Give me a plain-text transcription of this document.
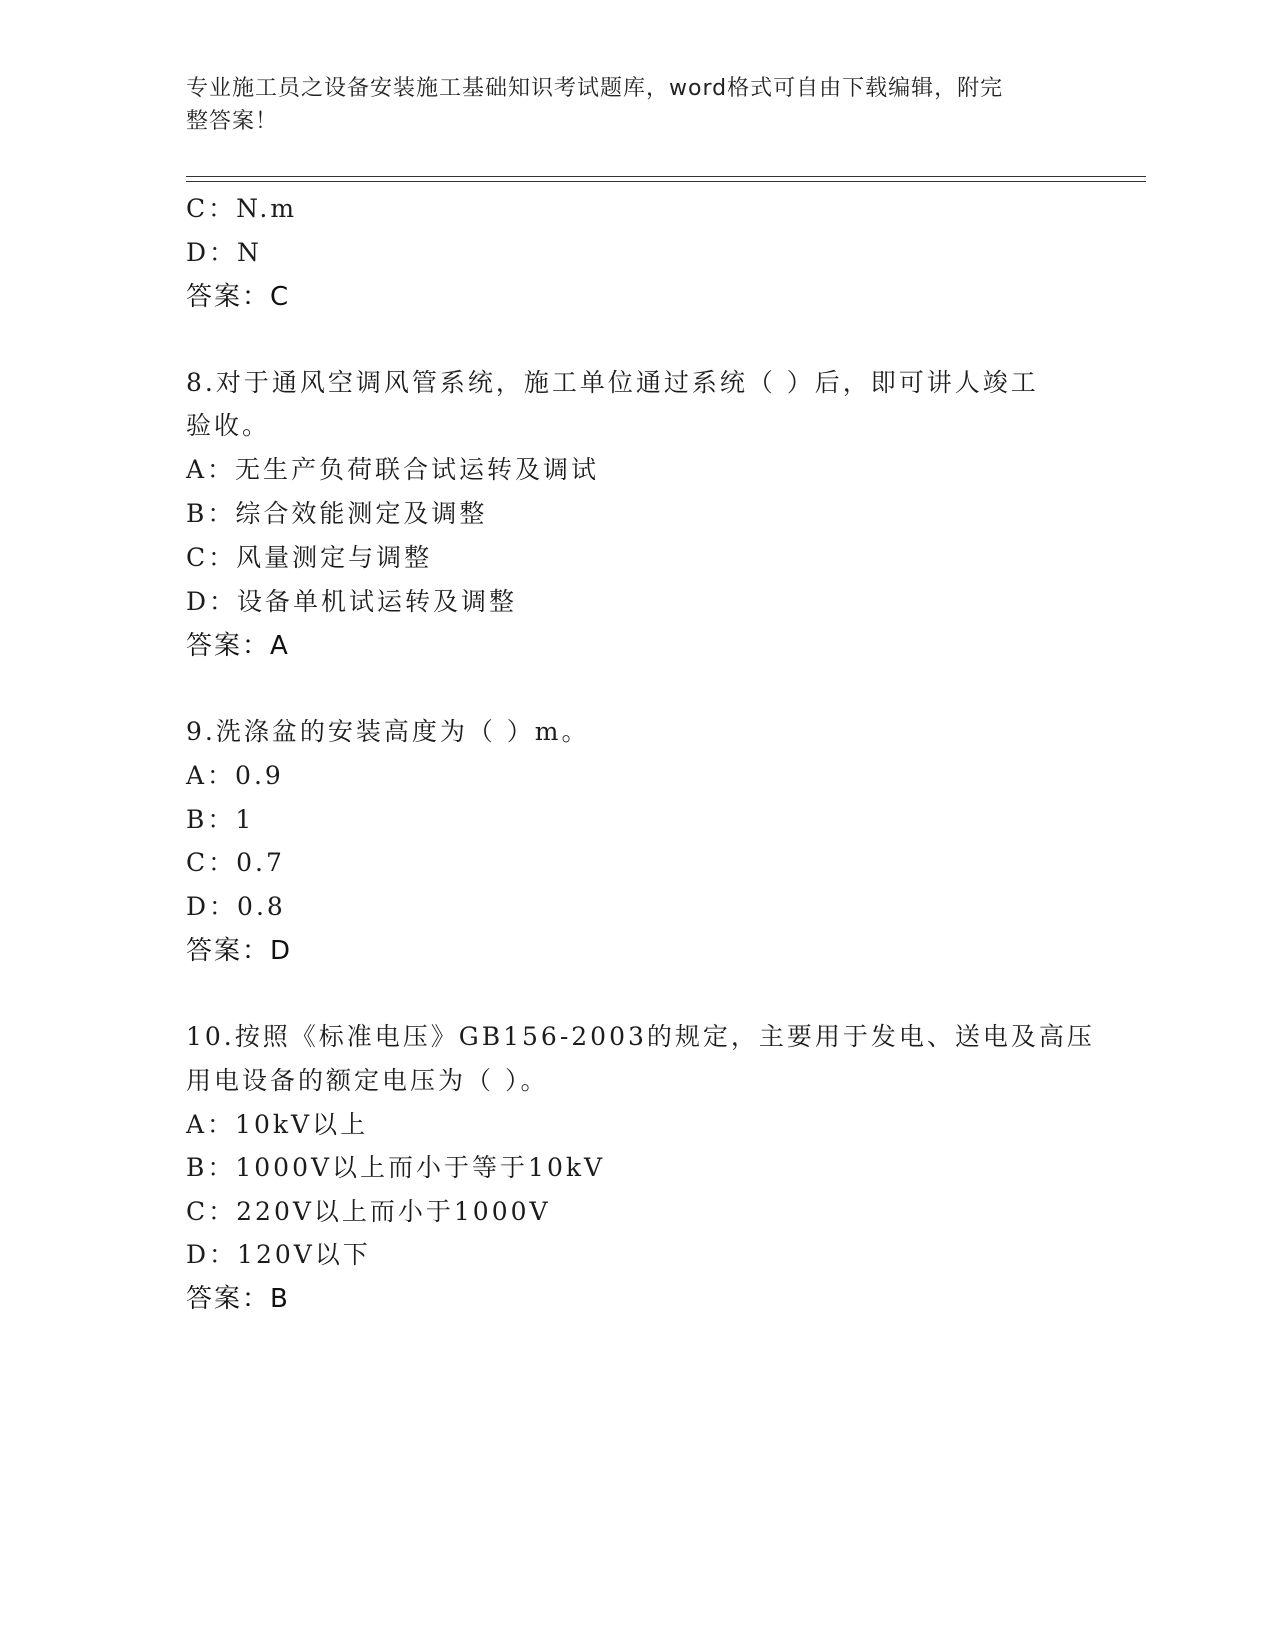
专业施工员之设备安装施工基础知识考试题库，word格式可自由下载编辑，附完
整答案！
C：N.m
D：N
答案：C
8.对于通风空调风管系统，施工单位通过系统（ ）后，即可讲人竣工
验收。
A：无生产负荷联合试运转及调试
B：综合效能测定及调整
C：风量测定与调整
D：设备单机试运转及调整
答案：A
9.洗涤盆的安装高度为（ ）m。
A：0.9
B：1
C：0.7
D：0.8
答案：D
10.按照《标准电压》GB156-2003的规定，主要用于发电、送电及高压
用电设备的额定电压为（ ）。
A：10kV以上
B：1000V以上而小于等于10kV
C：220V以上而小于1000V
D：120V以下
答案：B
